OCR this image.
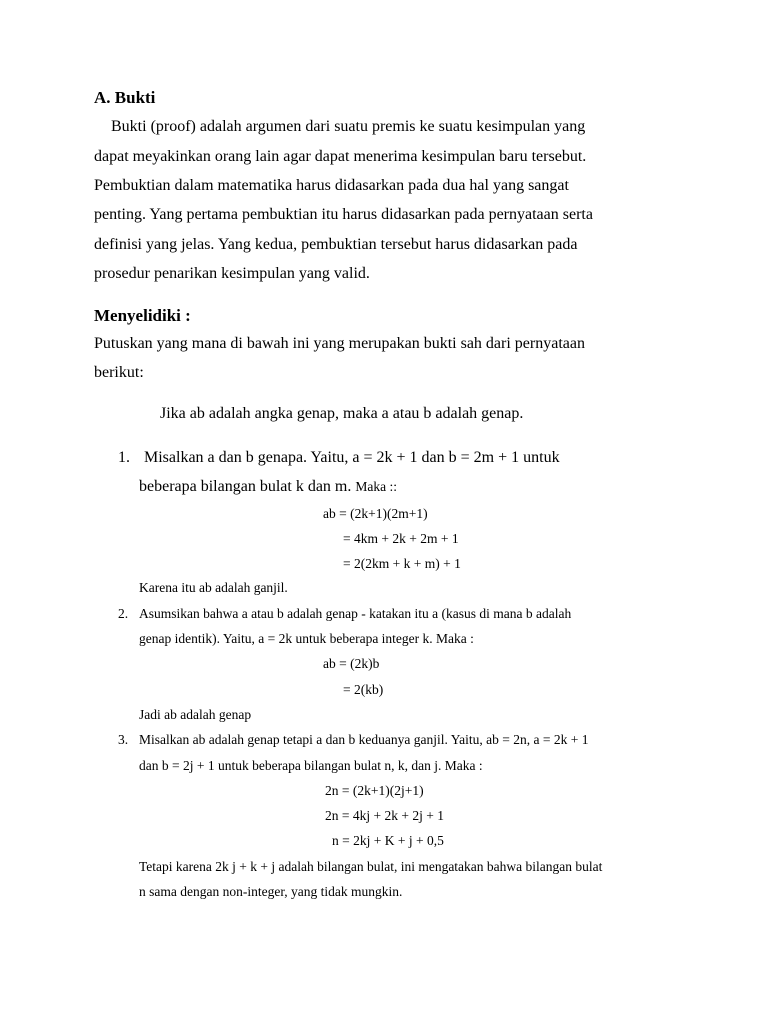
A. Bukti
Bukti (proof) adalah argumen dari suatu premis ke suatu kesimpulan yang
dapat meyakinkan orang lain agar dapat menerima kesimpulan baru tersebut.
Pembuktian dalam matematika harus didasarkan pada dua hal yang sangat
penting. Yang pertama pembuktian itu harus didasarkan pada pernyataan serta
definisi yang jelas. Yang kedua, pembuktian tersebut harus didasarkan pada
prosedur penarikan kesimpulan yang valid.
Menyelidiki :
Putuskan yang mana di bawah ini yang merupakan bukti sah dari pernyataan
berikut:
Jika ab adalah angka genap, maka a atau b adalah genap.
1. Misalkan a dan b genapa. Yaitu, a = 2k + 1 dan b = 2m + 1 untuk
beberapa bilangan bulat k dan m. Maka ::
ab = (2k+1)(2m+1)
= 4km + 2k + 2m + 1
= 2(2km + k + m) + 1
Karena itu ab adalah ganjil.
2. Asumsikan bahwa a atau b adalah genap - katakan itu a (kasus di mana b adalah
genap identik). Yaitu, a = 2k untuk beberapa integer k. Maka :
ab = (2k)b
= 2(kb)
Jadi ab adalah genap
3. Misalkan ab adalah genap tetapi a dan b keduanya ganjil. Yaitu, ab = 2n, a = 2k + 1
dan b = 2j + 1 untuk beberapa bilangan bulat n, k, dan j. Maka :
2n = (2k+1)(2j+1)
2n = 4kj + 2k + 2j + 1
n = 2kj + K + j + 0,5
Tetapi karena 2k j + k + j adalah bilangan bulat, ini mengatakan bahwa bilangan bulat
n sama dengan non-integer, yang tidak mungkin.
